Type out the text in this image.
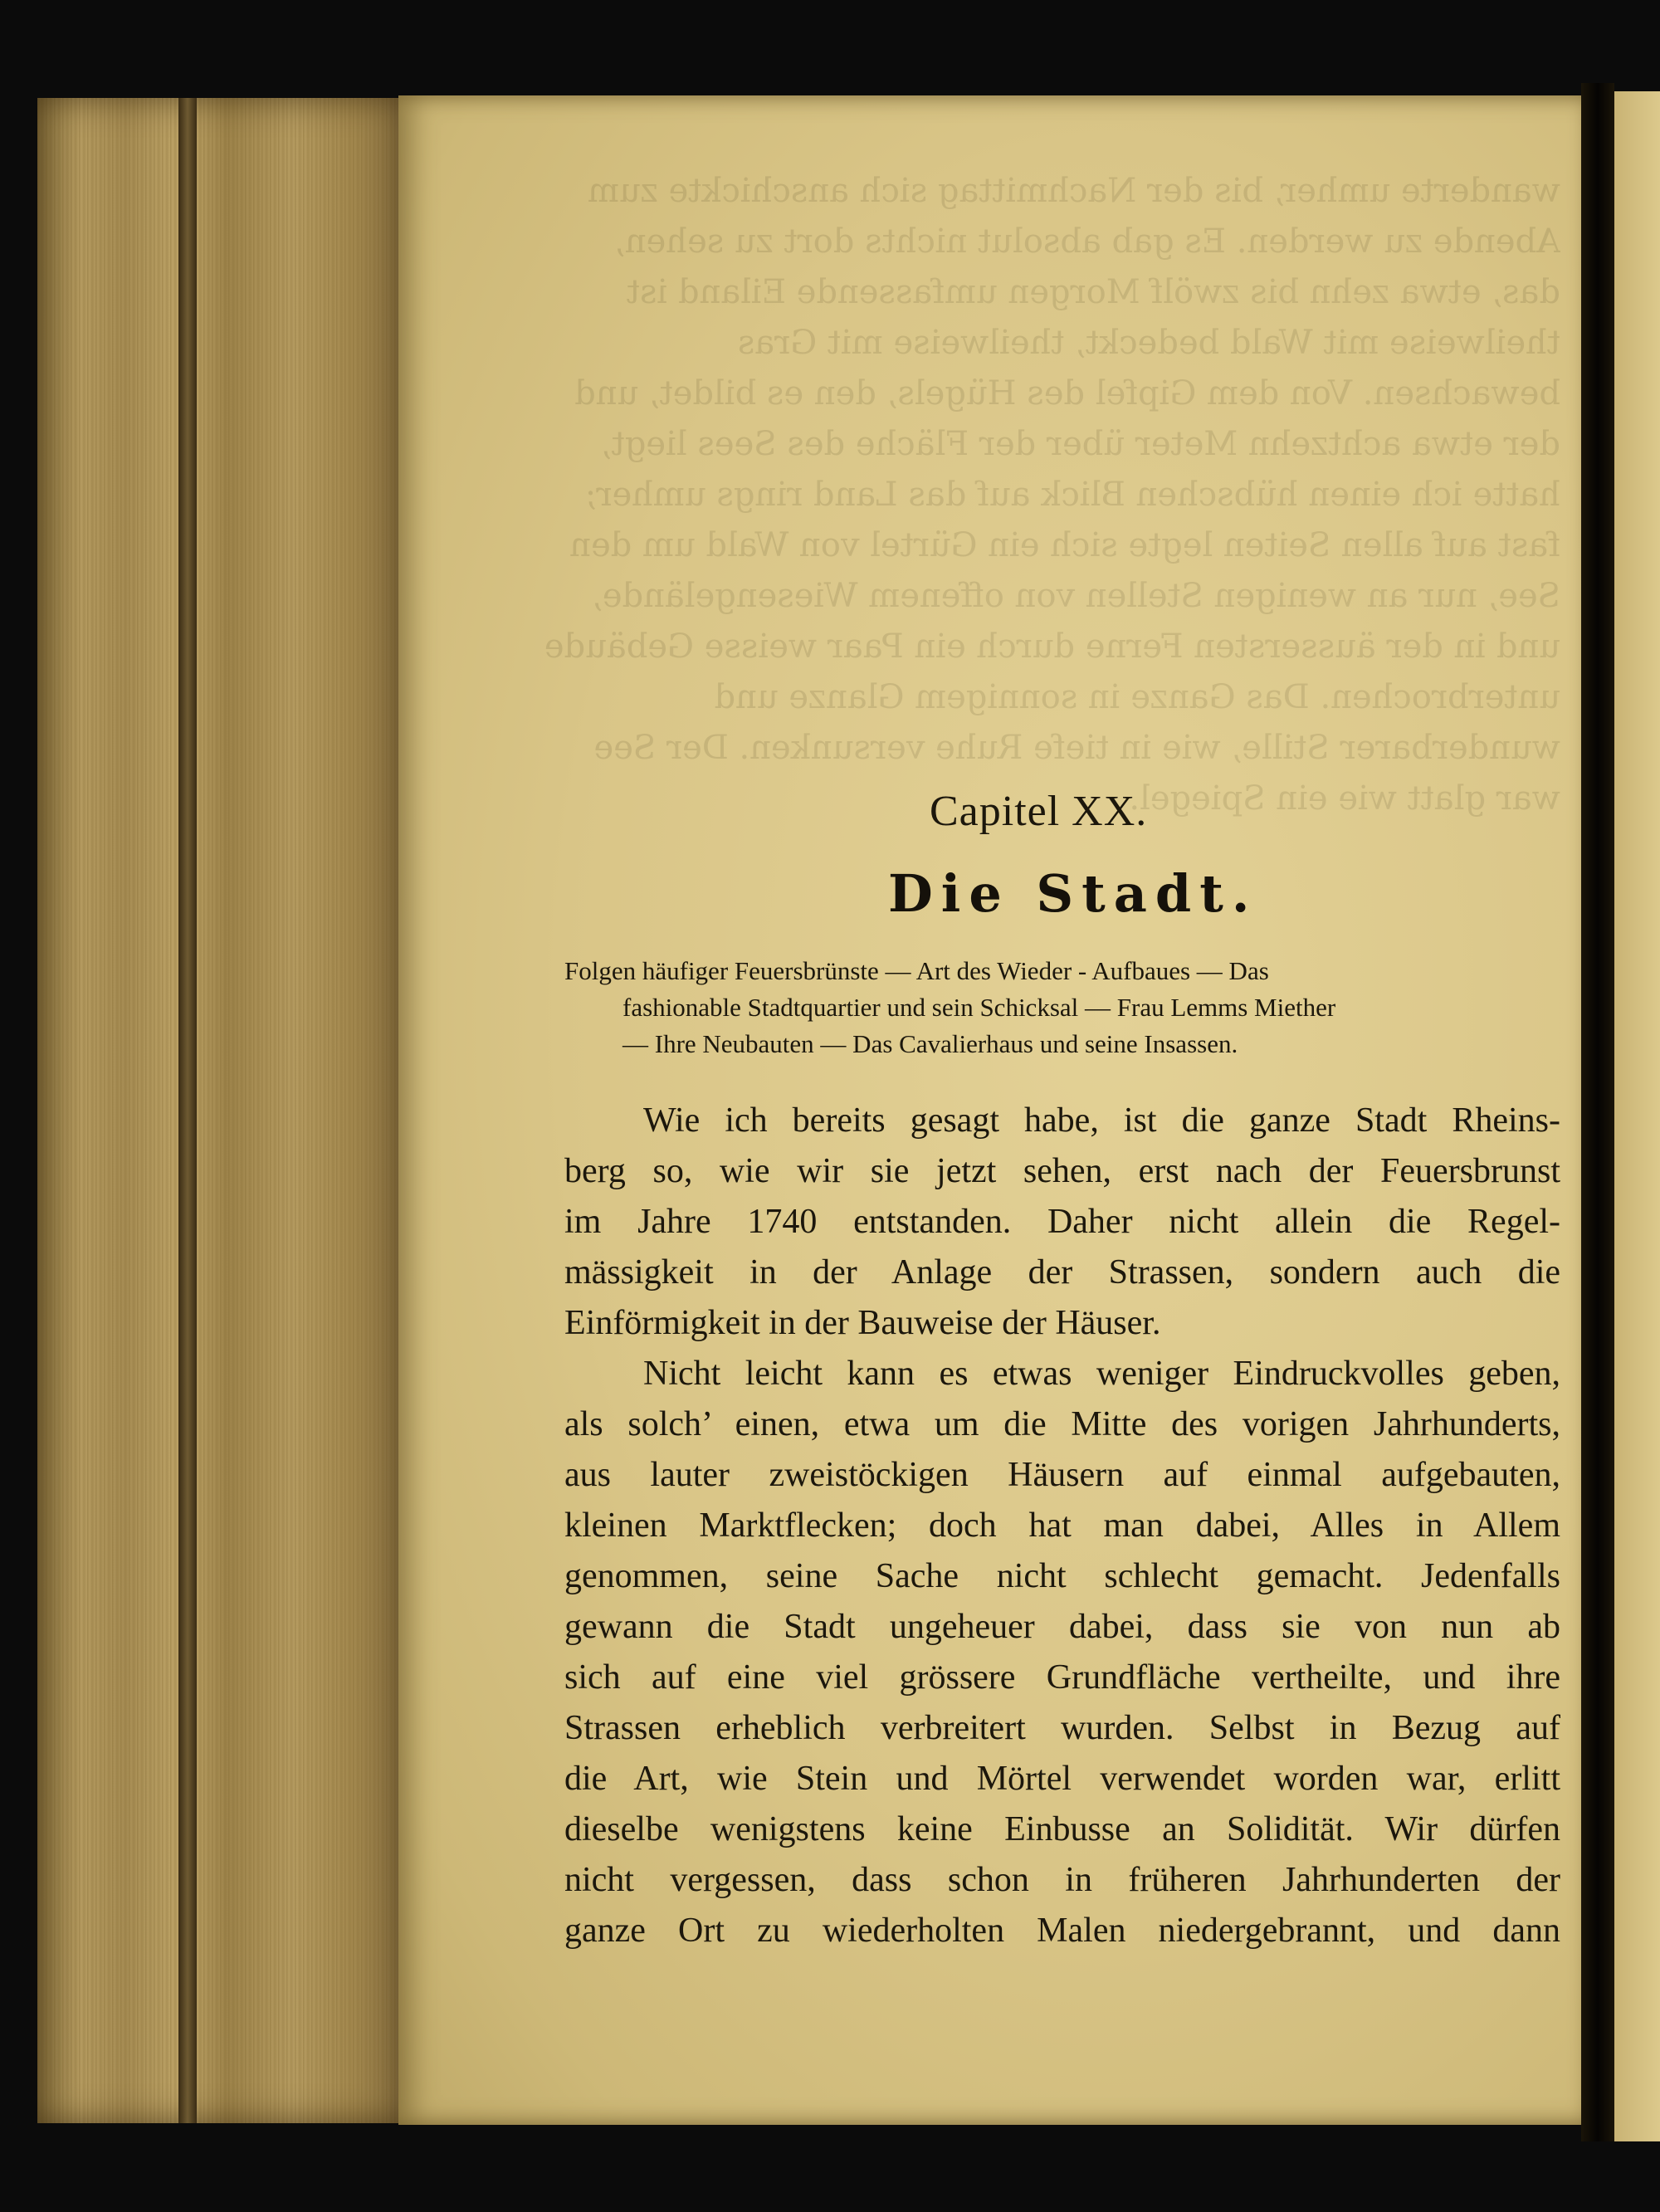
Capitel XX.
Die Stadt.
Folgen häufiger Feuersbrünste — Art des Wieder - Aufbaues — Das
fashionable Stadtquartier und sein Schicksal — Frau Lemms Miether
— Ihre Neubauten — Das Cavalierhaus und seine Insassen.
Wie ich bereits gesagt habe, ist die ganze Stadt Rheins-
berg so, wie wir sie jetzt sehen, erst nach der Feuersbrunst
im Jahre 1740 entstanden. Daher nicht allein die Regel-
mässigkeit in der Anlage der Strassen, sondern auch die
Einförmigkeit in der Bauweise der Häuser.
Nicht leicht kann es etwas weniger Eindruckvolles geben,
als solch’ einen, etwa um die Mitte des vorigen Jahrhunderts,
aus lauter zweistöckigen Häusern auf einmal aufgebauten,
kleinen Marktflecken; doch hat man dabei, Alles in Allem
genommen, seine Sache nicht schlecht gemacht. Jedenfalls
gewann die Stadt ungeheuer dabei, dass sie von nun ab
sich auf eine viel grössere Grundfläche vertheilte, und ihre
Strassen erheblich verbreitert wurden. Selbst in Bezug auf
die Art, wie Stein und Mörtel verwendet worden war, erlitt
dieselbe wenigstens keine Einbusse an Solidität. Wir dürfen
nicht vergessen, dass schon in früheren Jahrhunderten der
ganze Ort zu wiederholten Malen niedergebrannt, und dann
